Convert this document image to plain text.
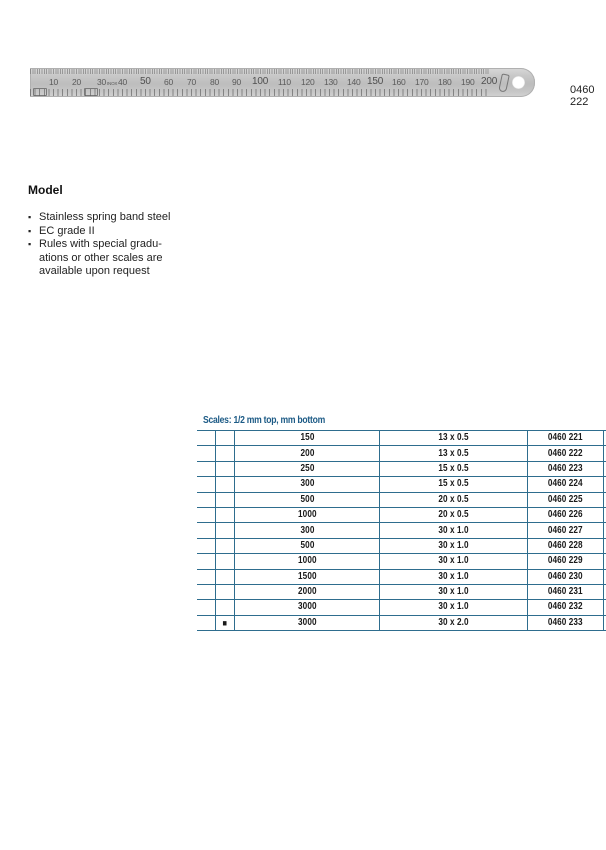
10 20 30 INOX 40 50 60 70 80 90 100 110 120 130 140 150 160 170 180 190 200
0460 222
Model
▪ Stainless spring band steel
▪ EC grade II
▪ Rules with special gradu-ations or other scales are available upon request
Scales: 1/2 mm top, mm bottom
		150	13 x 0.5	0460 221	
		200	13 x 0.5	0460 222	
		250	15 x 0.5	0460 223	
		300	15 x 0.5	0460 224	
		500	20 x 0.5	0460 225	
		1000	20 x 0.5	0460 226	
		300	30 x 1.0	0460 227	
		500	30 x 1.0	0460 228	
		1000	30 x 1.0	0460 229	
		1500	30 x 1.0	0460 230	
		2000	30 x 1.0	0460 231	
		3000	30 x 1.0	0460 232	
	■	3000	30 x 2.0	0460 233	
